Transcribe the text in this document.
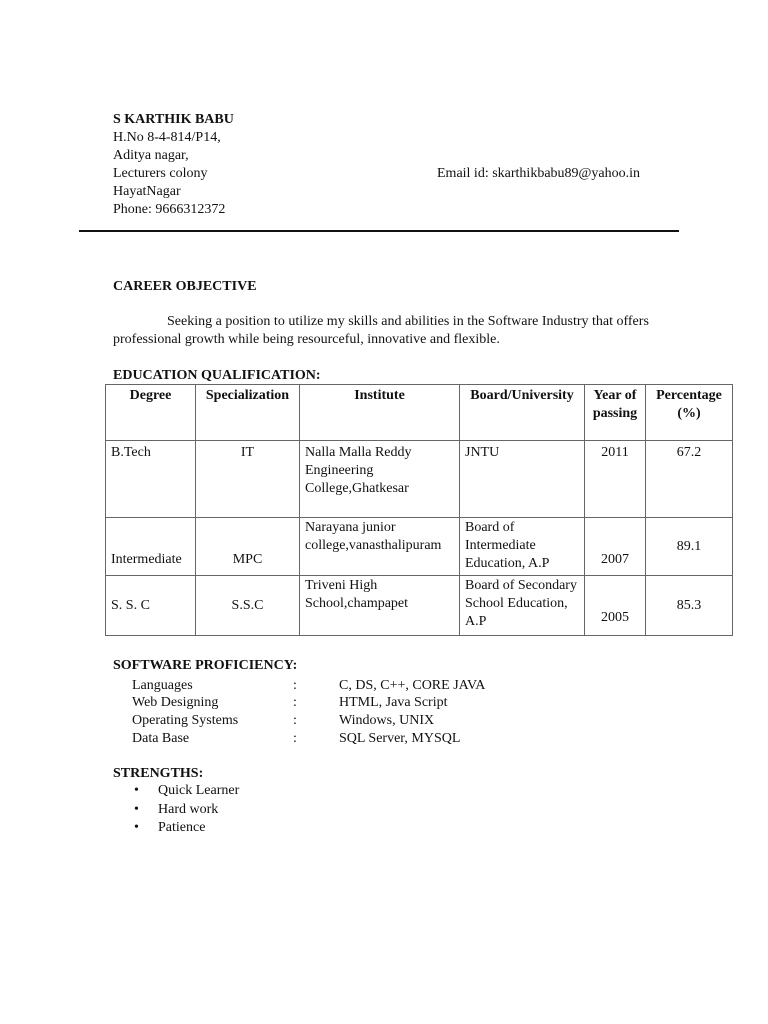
S KARTHIK BABU
H.No 8-4-814/P14,
Aditya nagar,
Lecturers colony
HayatNagar
Phone: 9666312372
Email id: skarthikbabu89@yahoo.in
CAREER OBJECTIVE
Seeking a position to utilize my skills and abilities in the Software Industry that offers professional growth while being resourceful, innovative and flexible.
EDUCATION QUALIFICATION:
Degree	Specialization	Institute	Board/University	Year of passing	Percentage (%)
B.Tech	IT	Nalla Malla Reddy Engineering College,Ghatkesar	JNTU	2011	67.2
Intermediate	MPC	Narayana junior college,vanasthalipuram	Board of Intermediate Education, A.P	2007	89.1
S. S. C	S.S.C	Triveni High School,champapet	Board of Secondary School Education, A.P	2005	85.3
SOFTWARE PROFICIENCY:
Languages	:	C, DS, C++, CORE JAVA
Web Designing	:	HTML, Java Script
Operating Systems	:	Windows, UNIX
Data Base	:	SQL Server, MYSQL
STRENGTHS:
• Quick Learner
• Hard work
• Patience
